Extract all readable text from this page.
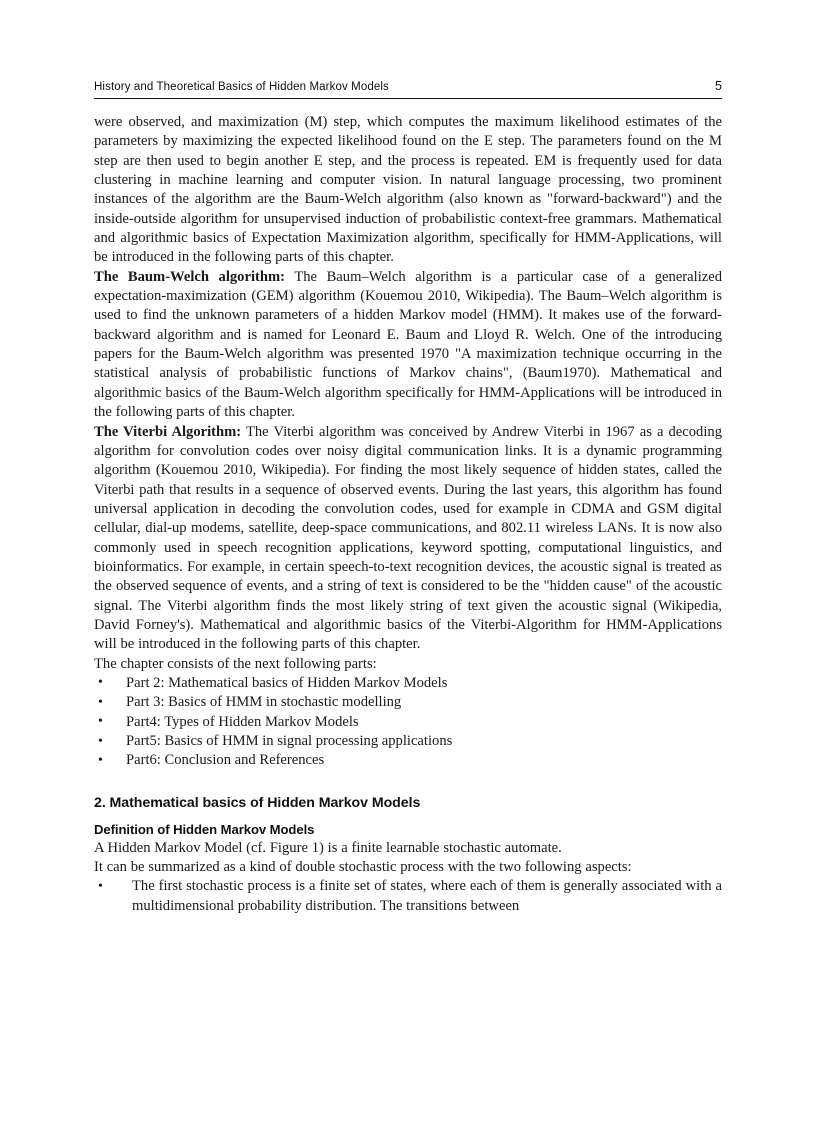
History and Theoretical Basics of Hidden Markov Models	5

were observed, and maximization (M) step, which computes the maximum likelihood estimates of the parameters by maximizing the expected likelihood found on the E step. The parameters found on the M step are then used to begin another E step, and the process is repeated. EM is frequently used for data clustering in machine learning and computer vision. In natural language processing, two prominent instances of the algorithm are the Baum-Welch algorithm (also known as "forward-backward") and the inside-outside algorithm for unsupervised induction of probabilistic context-free grammars. Mathematical and algorithmic basics of Expectation Maximization algorithm, specifically for HMM-Applications, will be introduced in the following parts of this chapter.

The Baum-Welch algorithm: The Baum–Welch algorithm is a particular case of a generalized expectation-maximization (GEM) algorithm (Kouemou 2010, Wikipedia). The Baum–Welch algorithm is used to find the unknown parameters of a hidden Markov model (HMM). It makes use of the forward-backward algorithm and is named for Leonard E. Baum and Lloyd R. Welch. One of the introducing papers for the Baum-Welch algorithm was presented 1970 "A maximization technique occurring in the statistical analysis of probabilistic functions of Markov chains", (Baum1970). Mathematical and algorithmic basics of the Baum-Welch algorithm specifically for HMM-Applications will be introduced in the following parts of this chapter.

The Viterbi Algorithm: The Viterbi algorithm was conceived by Andrew Viterbi in 1967 as a decoding algorithm for convolution codes over noisy digital communication links. It is a dynamic programming algorithm (Kouemou 2010, Wikipedia). For finding the most likely sequence of hidden states, called the Viterbi path that results in a sequence of observed events. During the last years, this algorithm has found universal application in decoding the convolution codes, used for example in CDMA and GSM digital cellular, dial-up modems, satellite, deep-space communications, and 802.11 wireless LANs. It is now also commonly used in speech recognition applications, keyword spotting, computational linguistics, and bioinformatics. For example, in certain speech-to-text recognition devices, the acoustic signal is treated as the observed sequence of events, and a string of text is considered to be the "hidden cause" of the acoustic signal. The Viterbi algorithm finds the most likely string of text given the acoustic signal (Wikipedia, David Forney's). Mathematical and algorithmic basics of the Viterbi-Algorithm for HMM-Applications will be introduced in the following parts of this chapter.

The chapter consists of the next following parts:

• Part 2: Mathematical basics of Hidden Markov Models
• Part 3: Basics of HMM in stochastic modelling
• Part4: Types of Hidden Markov Models
• Part5: Basics of HMM in signal processing applications
• Part6: Conclusion and References
2. Mathematical basics of Hidden Markov Models
Definition of Hidden Markov Models

A Hidden Markov Model (cf. Figure 1) is a finite learnable stochastic automate.

It can be summarized as a kind of double stochastic process with the two following aspects:

• The first stochastic process is a finite set of states, where each of them is generally associated with a multidimensional probability distribution. The transitions between
